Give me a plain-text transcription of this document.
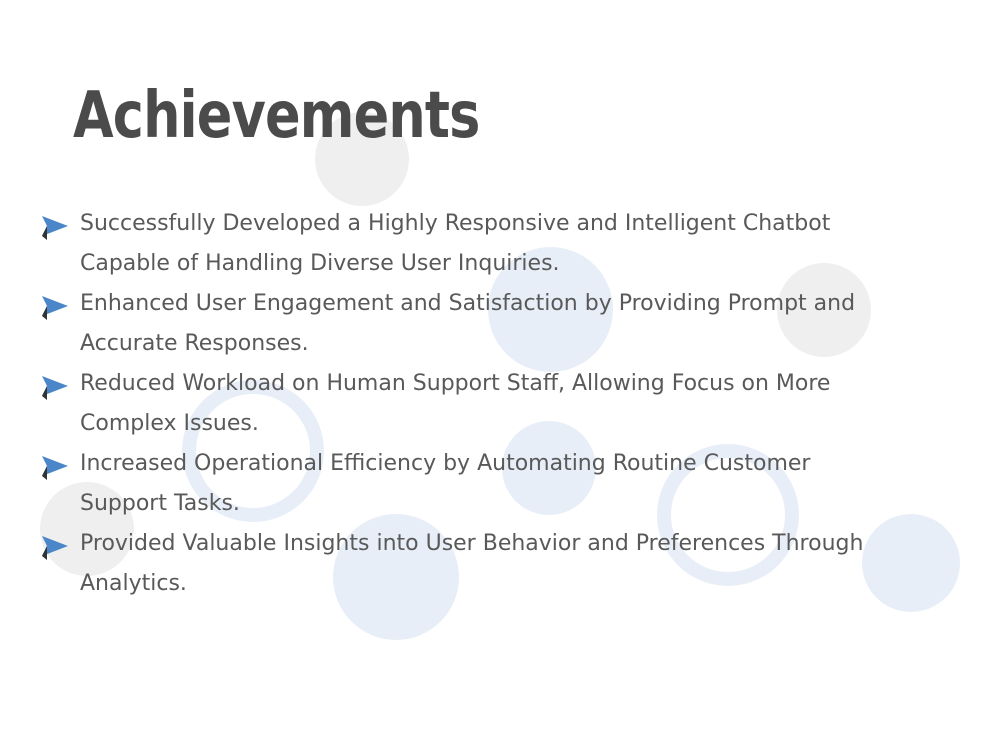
Achievements
Successfully Developed a Highly Responsive and Intelligent Chatbot Capable of Handling Diverse User Inquiries.
Enhanced User Engagement and Satisfaction by Providing Prompt and Accurate Responses.
Reduced Workload on Human Support Staff, Allowing Focus on More Complex Issues.
Increased Operational Efficiency by Automating Routine Customer Support Tasks.
Provided Valuable Insights into User Behavior and Preferences Through Analytics.
